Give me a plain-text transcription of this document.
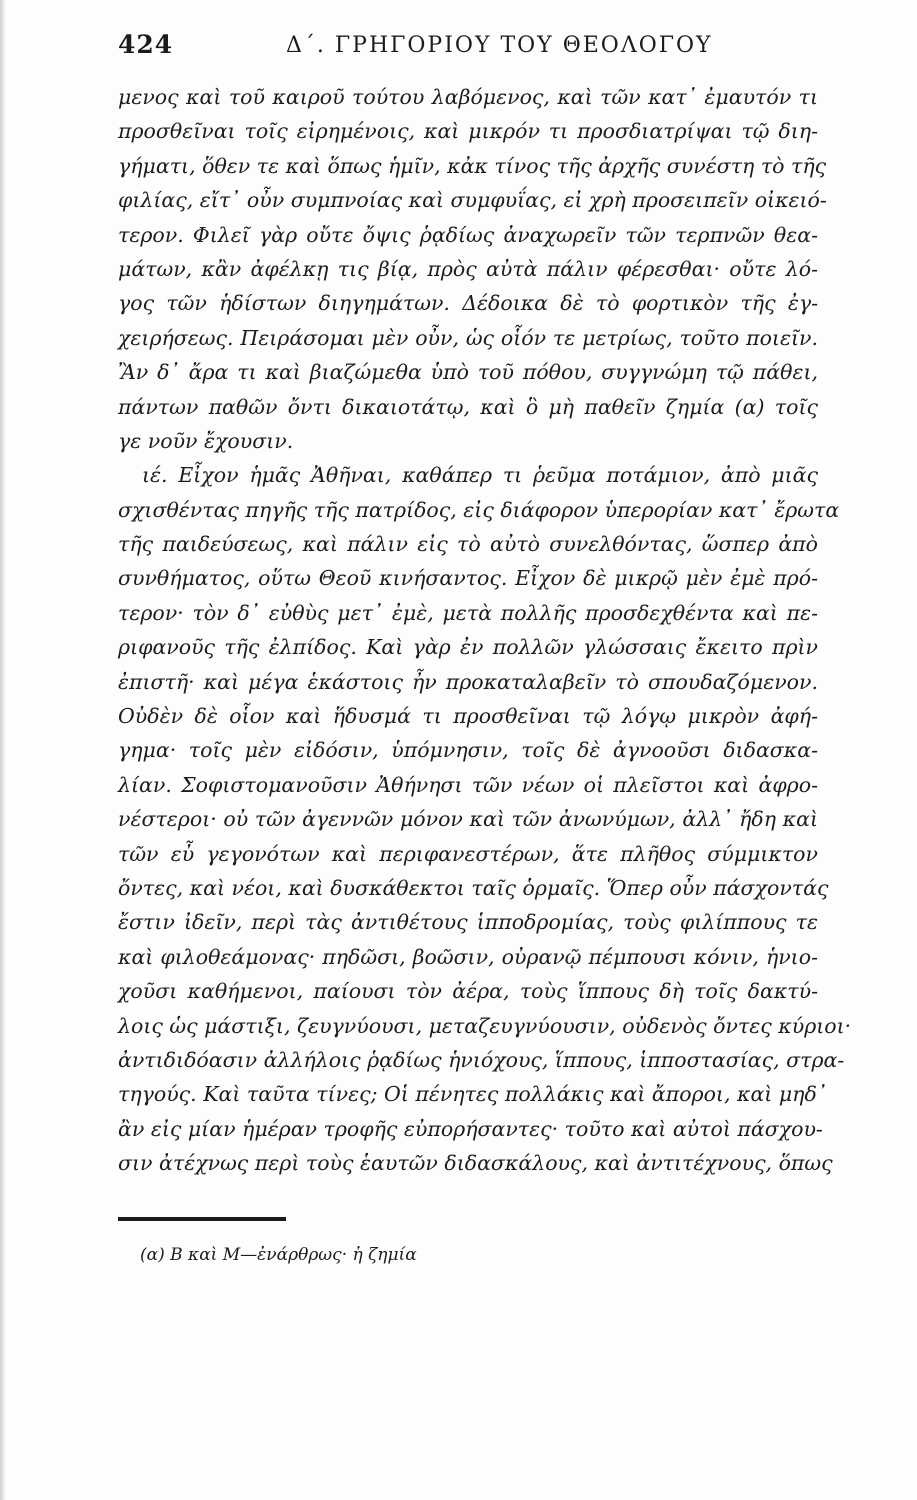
424	Δ΄. ΓΡΗΓΟΡΙΟΥ ΤΟΥ ΘΕΟΛΟΓΟΥ
μενος καὶ τοῦ καιροῦ τούτου λαβόμενος, καὶ τῶν κατ᾽ ἐμαυτόν τι
προσθεῖναι τοῖς εἰρημένοις, καὶ μικρόν τι προσδιατρίψαι τῷ διη-
γήματι, ὅθεν τε καὶ ὅπως ἡμῖν, κἀκ τίνος τῆς ἀρχῆς συνέστη τὸ τῆς
φιλίας, εἴτ᾽ οὖν συμπνοίας καὶ συμφυΐας, εἰ χρὴ προσειπεῖν οἰκειό-
τερον. Φιλεῖ γὰρ οὔτε ὄψις ῥᾳδίως ἀναχωρεῖν τῶν τερπνῶν θεα-
μάτων, κἂν ἀφέλκῃ τις βίᾳ, πρὸς αὐτὰ πάλιν φέρεσθαι· οὔτε λό-
γος τῶν ἡδίστων διηγημάτων. Δέδοικα δὲ τὸ φορτικὸν τῆς ἐγ-
χειρήσεως. Πειράσομαι μὲν οὖν, ὡς οἷόν τε μετρίως, τοῦτο ποιεῖν.
Ἂν δ᾽ ἄρα τι καὶ βιαζώμεθα ὑπὸ τοῦ πόθου, συγγνώμη τῷ πάθει,
πάντων παθῶν ὄντι δικαιοτάτῳ, καὶ ὃ μὴ παθεῖν ζημία (α) τοῖς
γε νοῦν ἔχουσιν.
ιέ. Εἶχον ἡμᾶς Ἀθῆναι, καθάπερ τι ῥεῦμα ποτάμιον, ἀπὸ μιᾶς
σχισθέντας πηγῆς τῆς πατρίδος, εἰς διάφορον ὑπερορίαν κατ᾽ ἔρωτα
τῆς παιδεύσεως, καὶ πάλιν εἰς τὸ αὐτὸ συνελθόντας, ὥσπερ ἀπὸ
συνθήματος, οὕτω Θεοῦ κινήσαντος. Εἶχον δὲ μικρῷ μὲν ἐμὲ πρό-
τερον· τὸν δ᾽ εὐθὺς μετ᾽ ἐμὲ, μετὰ πολλῆς προσδεχθέντα καὶ πε-
ριφανοῦς τῆς ἐλπίδος. Καὶ γὰρ ἐν πολλῶν γλώσσαις ἔκειτο πρὶν
ἐπιστῆ· καὶ μέγα ἑκάστοις ἦν προκαταλαβεῖν τὸ σπουδαζόμενον.
Οὐδὲν δὲ οἷον καὶ ἥδυσμά τι προσθεῖναι τῷ λόγῳ μικρὸν ἀφή-
γημα· τοῖς μὲν εἰδόσιν, ὑπόμνησιν, τοῖς δὲ ἀγνοοῦσι διδασκα-
λίαν. Σοφιστομανοῦσιν Ἀθήνησι τῶν νέων οἱ πλεῖστοι καὶ ἀφρο-
νέστεροι· οὐ τῶν ἀγεννῶν μόνον καὶ τῶν ἀνωνύμων, ἀλλ᾽ ἤδη καὶ
τῶν εὖ γεγονότων καὶ περιφανεστέρων, ἅτε πλῆθος σύμμικτον
ὄντες, καὶ νέοι, καὶ δυσκάθεκτοι ταῖς ὁρμαῖς. Ὅπερ οὖν πάσχοντάς
ἔστιν ἰδεῖν, περὶ τὰς ἀντιθέτους ἱπποδρομίας, τοὺς φιλίππους τε
καὶ φιλοθεάμονας· πηδῶσι, βοῶσιν, οὐρανῷ πέμπουσι κόνιν, ἡνιο-
χοῦσι καθήμενοι, παίουσι τὸν ἀέρα, τοὺς ἵππους δὴ τοῖς δακτύ-
λοις ὡς μάστιξι, ζευγνύουσι, μεταζευγνύουσιν, οὐδενὸς ὄντες κύριοι·
ἀντιδιδόασιν ἀλλήλοις ῥᾳδίως ἡνιόχους, ἵππους, ἱπποστασίας, στρα-
τηγούς. Καὶ ταῦτα τίνες; Οἱ πένητες πολλάκις καὶ ἄποροι, καὶ μηδ᾽
ἂν εἰς μίαν ἡμέραν τροφῆς εὐπορήσαντες· τοῦτο καὶ αὐτοὶ πάσχου-
σιν ἀτέχνως περὶ τοὺς ἑαυτῶν διδασκάλους, καὶ ἀντιτέχνους, ὅπως
(α) Β καὶ Μ—ἐνάρθρως· ἡ ζημία
